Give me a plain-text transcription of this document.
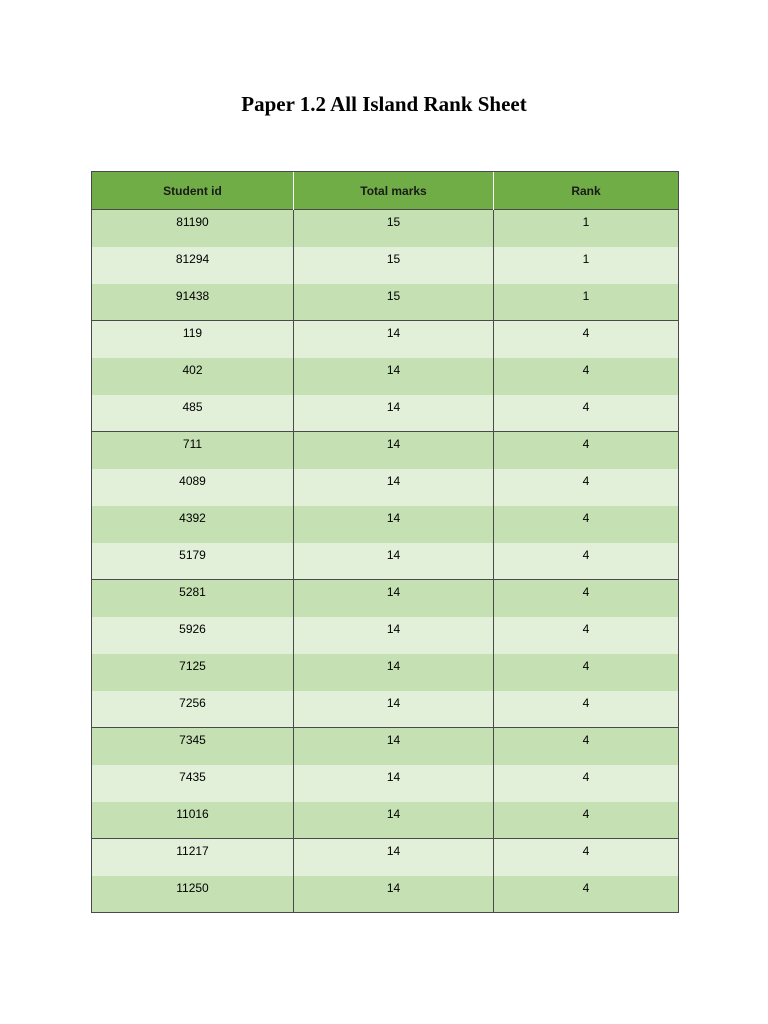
Paper 1.2 All Island Rank Sheet
Student id	Total marks	Rank
81190	15	1
81294	15	1
91438	15	1
119	14	4
402	14	4
485	14	4
711	14	4
4089	14	4
4392	14	4
5179	14	4
5281	14	4
5926	14	4
7125	14	4
7256	14	4
7345	14	4
7435	14	4
11016	14	4
11217	14	4
11250	14	4
